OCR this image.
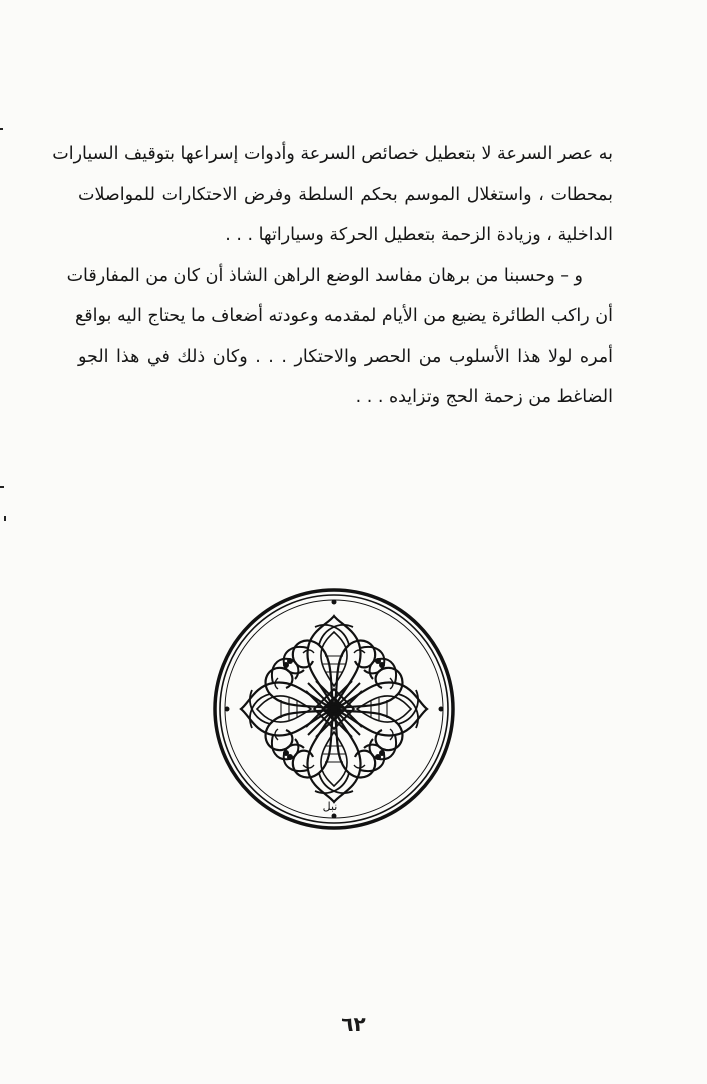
به عصر السرعة لا بتعطيل خصائص السرعة وأدوات إسراعها بتوقيف السيارات
بمحطات ، واستغلال الموسم بحكم السلطة وفرض الاحتكارات للمواصلات
الداخلية ، وزيادة الزحمة بتعطيل الحركة وسياراتها . . .
و – وحسبنا من برهان مفاسد الوضع الراهن الشاذ أن كان من المفارقات
أن راكب الطائرة يضيع من الأيام لمقدمه وعودته أضعاف ما يحتاج اليه بواقع
أمره لولا هذا الأسلوب من الحصر والاحتكار . . . وكان ذلك في هذا الجو
الضاغط من زحمة الحج وتزايده . . .
نبل
٦٢
